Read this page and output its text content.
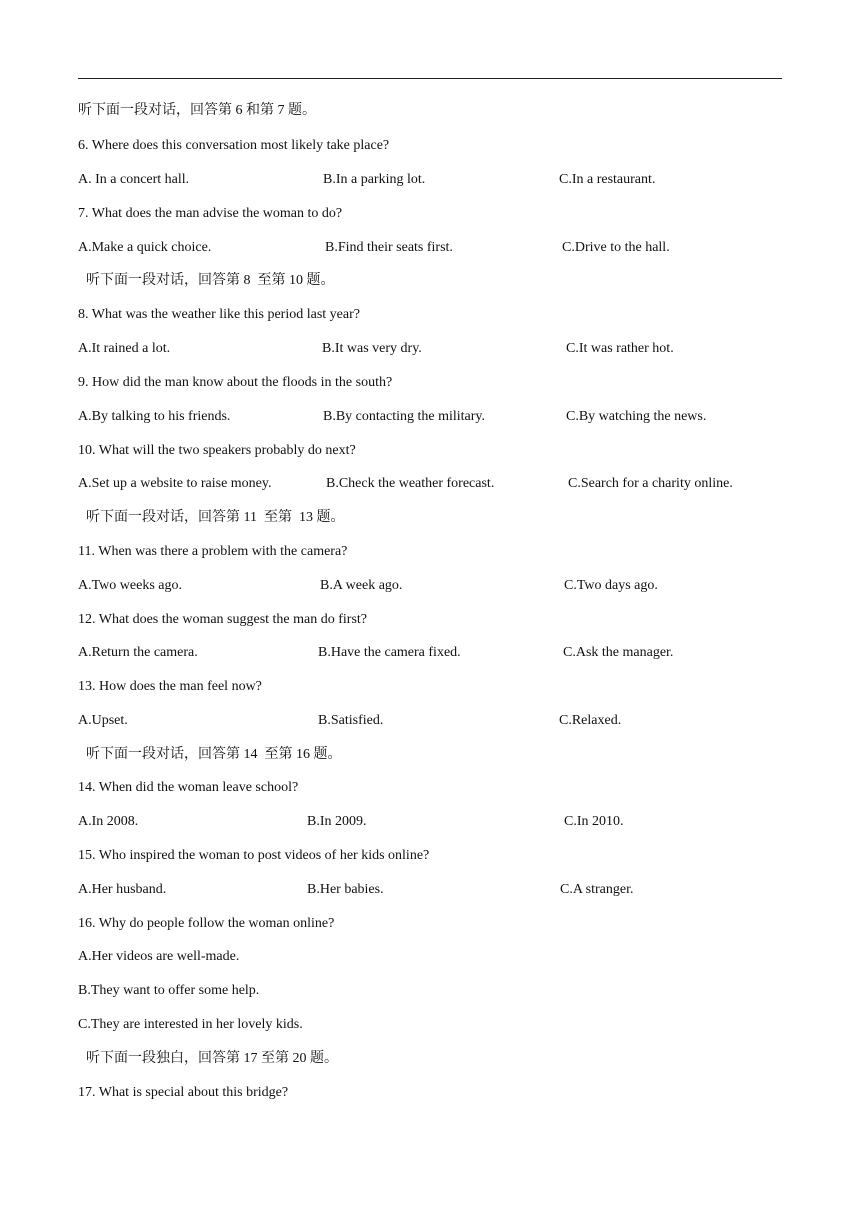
听下面一段对话，回答第 6 和第 7 题。
6. Where does this conversation most likely take place?
A. In a concert hall.	B.In a parking lot.	C.In a restaurant.
7. What does the man advise the woman to do?
A.Make a quick choice.	B.Find their seats first.	C.Drive to the hall.
听下面一段对话，回答第 8  至第 10 题。
8. What was the weather like this period last year?
A.It rained a lot.	B.It was very dry.	C.It was rather hot.
9. How did the man know about the floods in the south?
A.By talking to his friends.	B.By contacting the military.	C.By watching the news.
10. What will the two speakers probably do next?
A.Set up a website to raise money.	B.Check the weather forecast.	C.Search for a charity online.
听下面一段对话，回答第 11  至第  13 题。
11. When was there a problem with the camera?
A.Two weeks ago.	B.A week ago.	C.Two days ago.
12. What does the woman suggest the man do first?
A.Return the camera.	B.Have the camera fixed.	C.Ask the manager.
13. How does the man feel now?
A.Upset.	B.Satisfied.	C.Relaxed.
听下面一段对话，回答第 14  至第 16 题。
14. When did the woman leave school?
A.In 2008.	B.In 2009.	C.In 2010.
15. Who inspired the woman to post videos of her kids online?
A.Her husband.	B.Her babies.	C.A stranger.
16. Why do people follow the woman online?
A.Her videos are well-made.
B.They want to offer some help.
C.They are interested in her lovely kids.
听下面一段独白，回答第 17 至第 20 题。
17. What is special about this bridge?
